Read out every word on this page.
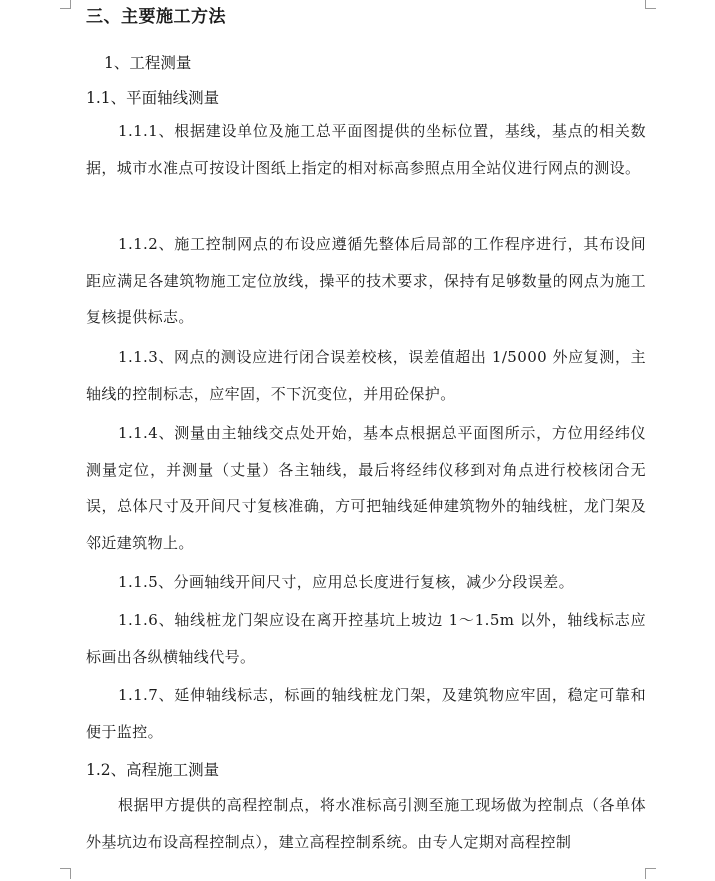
三、主要施工方法
1、工程测量
1.1、平面轴线测量

1.1.1、根据建设单位及施工总平面图提供的坐标位置，基线，基点的相关数据，城市水准点可按设计图纸上指定的相对标高参照点用全站仪进行网点的测设。

1.1.2、施工控制网点的布设应遵循先整体后局部的工作程序进行，其布设间距应满足各建筑物施工定位放线，操平的技术要求，保持有足够数量的网点为施工复核提供标志。

1.1.3、网点的测设应进行闭合误差校核，误差值超出 1/5000 外应复测，主轴线的控制标志，应牢固，不下沉变位，并用砼保护。

1.1.4、测量由主轴线交点处开始，基本点根据总平面图所示，方位用经纬仪测量定位，并测量（丈量）各主轴线，最后将经纬仪移到对角点进行校核闭合无误，总体尺寸及开间尺寸复核准确，方可把轴线延伸建筑物外的轴线桩，龙门架及邻近建筑物上。

1.1.5、分画轴线开间尺寸，应用总长度进行复核，减少分段误差。

1.1.6、轴线桩龙门架应设在离开控基坑上坡边 1～1.5m 以外，轴线标志应标画出各纵横轴线代号。

1.1.7、延伸轴线标志，标画的轴线桩龙门架，及建筑物应牢固，稳定可靠和便于监控。

1.2、高程施工测量

根据甲方提供的高程控制点，将水准标高引测至施工现场做为控制点（各单体外基坑边布设高程控制点），建立高程控制系统。由专人定期对高程控制
